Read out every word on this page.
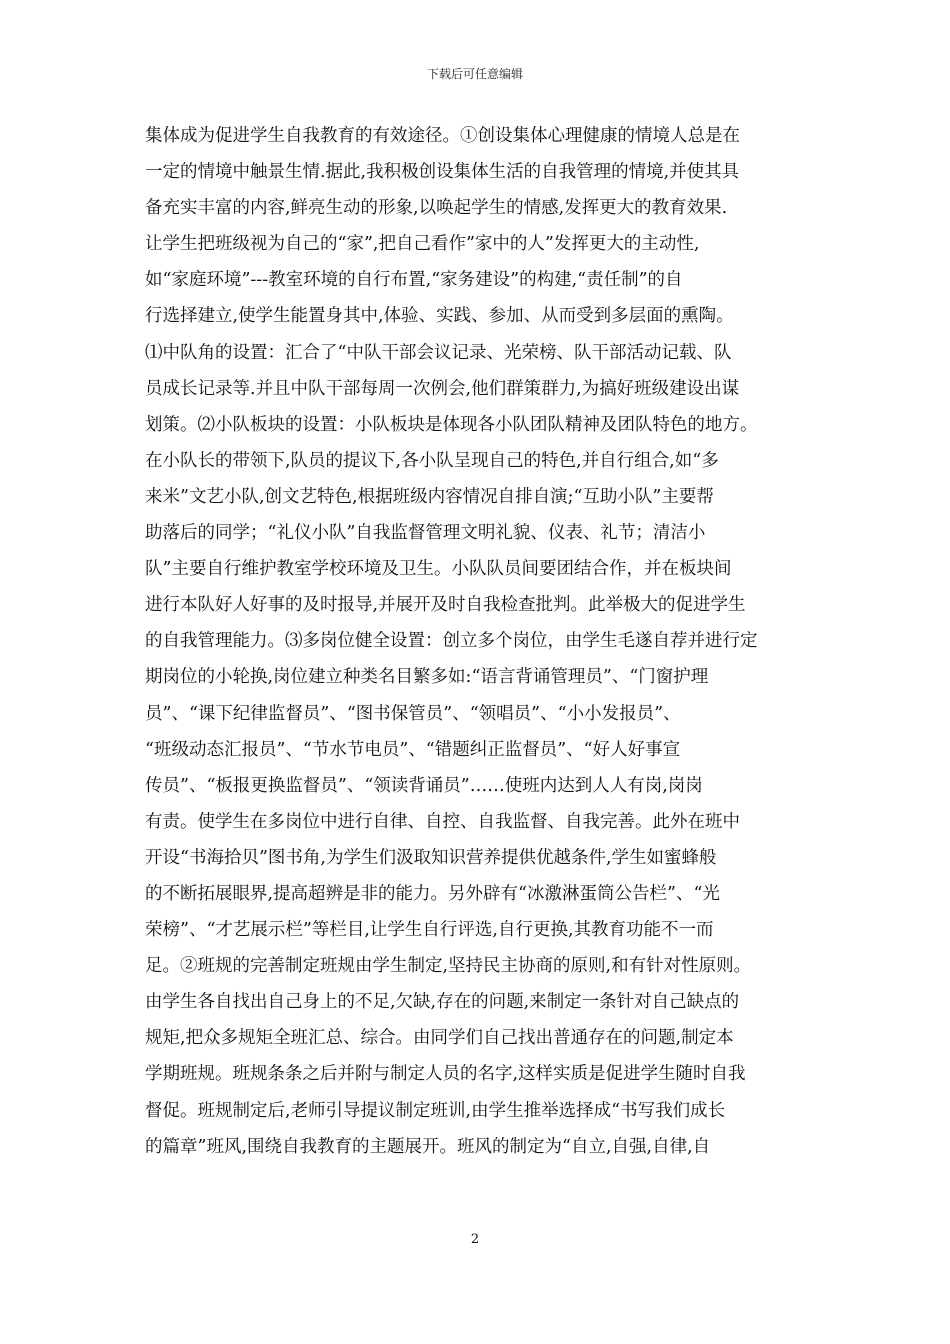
下载后可任意编辑
集体成为促进学生自我教育的有效途径。①创设集体心理健康的情境人总是在
一定的情境中触景生情.据此,我积极创设集体生活的自我管理的情境,并使其具
备充实丰富的内容,鲜亮生动的形象,以唤起学生的情感,发挥更大的教育效果.
让学生把班级视为自己的“家”,把自己看作”家中的人”发挥更大的主动性,
如“家庭环境”---教室环境的自行布置,“家务建设”的构建,“责任制”的自
行选择建立,使学生能置身其中,体验、实践、参加、从而受到多层面的熏陶。
⑴中队角的设置：汇合了“中队干部会议记录、光荣榜、队干部活动记载、队
员成长记录等.并且中队干部每周一次例会,他们群策群力,为搞好班级建设出谋
划策。⑵小队板块的设置：小队板块是体现各小队团队精神及团队特色的地方。
在小队长的带领下,队员的提议下,各小队呈现自己的特色,并自行组合,如“多
来米”文艺小队,创文艺特色,根据班级内容情况自排自演;“互助小队”主要帮
助落后的同学；“礼仪小队”自我监督管理文明礼貌、仪表、礼节；清洁小
队”主要自行维护教室学校环境及卫生。小队队员间要团结合作，并在板块间
进行本队好人好事的及时报导,并展开及时自我检查批判。此举极大的促进学生
的自我管理能力。⑶多岗位健全设置：创立多个岗位，由学生毛遂自荐并进行定
期岗位的小轮换,岗位建立种类名目繁多如:“语言背诵管理员”、“门窗护理
员”、“课下纪律监督员”、“图书保管员”、“领唱员”、“小小发报员”、
“班级动态汇报员”、“节水节电员”、“错题纠正监督员”、“好人好事宣
传员”、“板报更换监督员”、“领读背诵员”……使班内达到人人有岗,岗岗
有责。使学生在多岗位中进行自律、自控、自我监督、自我完善。此外在班中
开设“书海拾贝”图书角,为学生们汲取知识营养提供优越条件,学生如蜜蜂般
的不断拓展眼界,提高超辨是非的能力。另外辟有“冰激淋蛋筒公告栏”、“光
荣榜”、“才艺展示栏”等栏目,让学生自行评选,自行更换,其教育功能不一而
足。②班规的完善制定班规由学生制定,坚持民主协商的原则,和有针对性原则。
由学生各自找出自己身上的不足,欠缺,存在的问题,来制定一条针对自己缺点的
规矩,把众多规矩全班汇总、综合。由同学们自己找出普通存在的问题,制定本
学期班规。班规条条之后并附与制定人员的名字,这样实质是促进学生随时自我
督促。班规制定后,老师引导提议制定班训,由学生推举选择成“书写我们成长
的篇章”班风,围绕自我教育的主题展开。班风的制定为“自立,自强,自律,自
2
